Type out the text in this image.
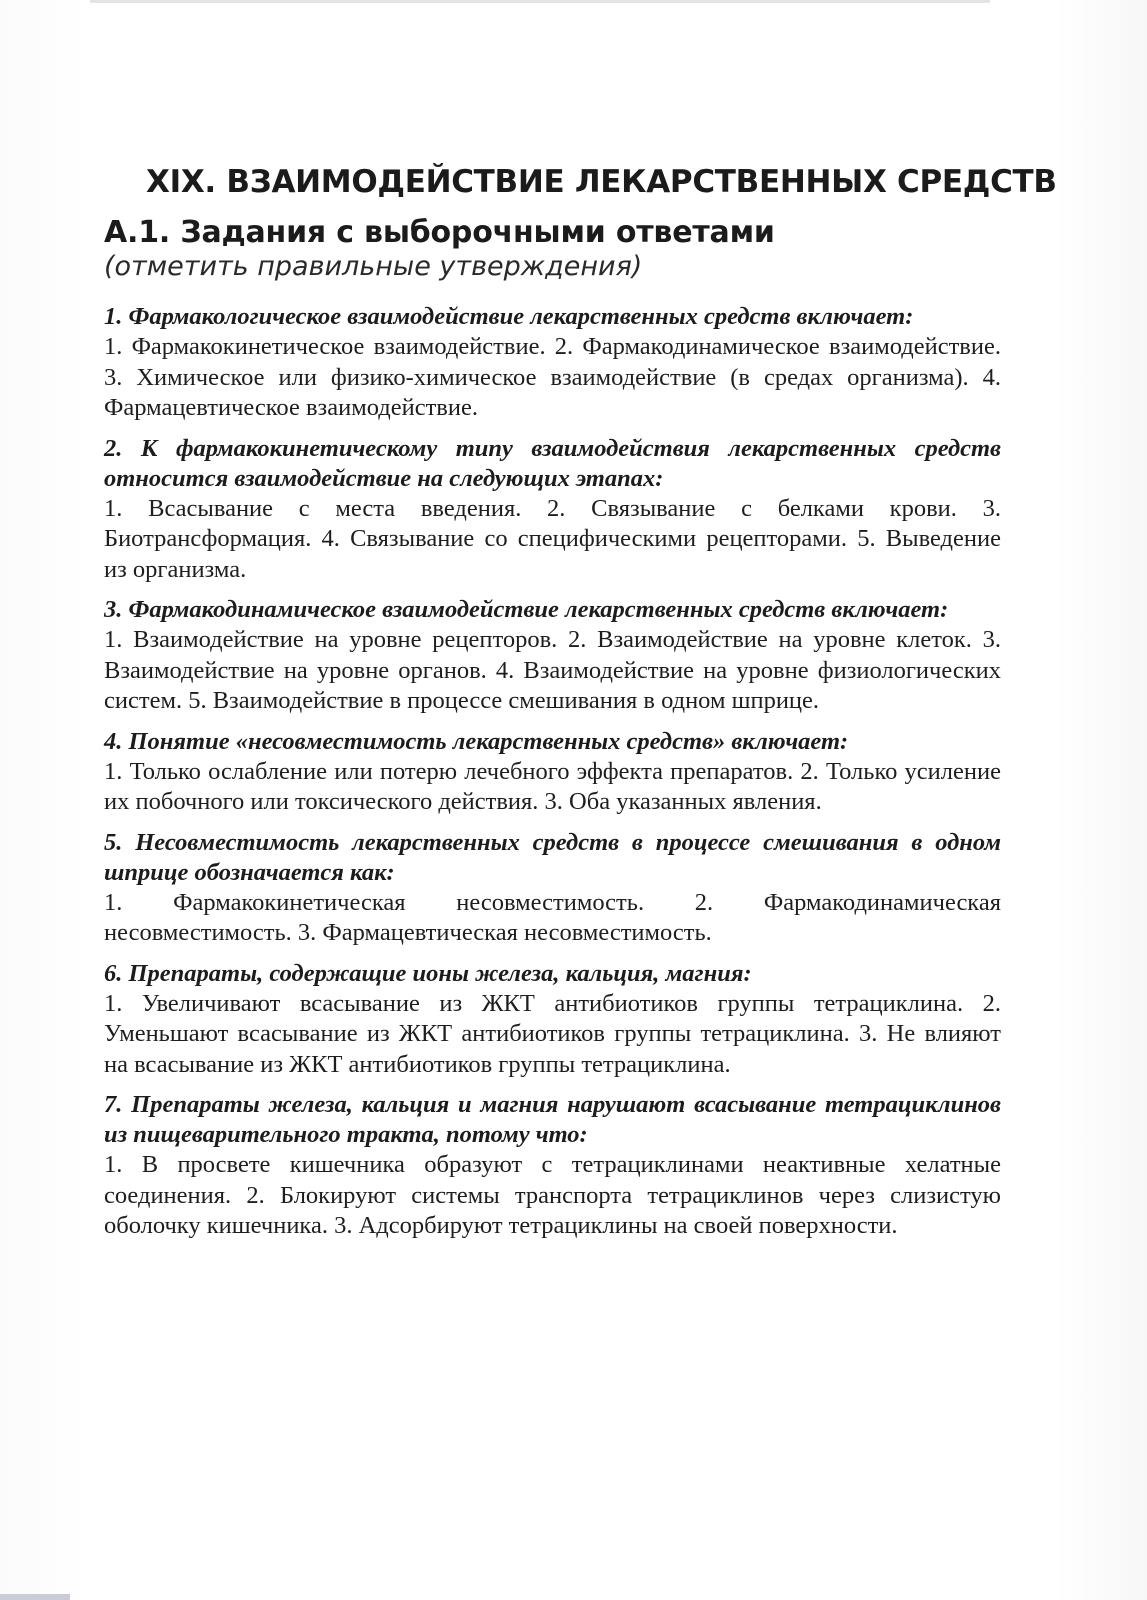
XIX. ВЗАИМОДЕЙСТВИЕ ЛЕКАРСТВЕННЫХ СРЕДСТВ
А.1. Задания с выборочными ответами
(отметить правильные утверждения)
1. Фармакологическое взаимодействие лекарственных средств включает:
1. Фармакокинетическое взаимодействие. 2. Фармакодинамическое взаимодействие. 3. Химическое или физико-химическое взаимодействие (в средах организма). 4. Фармацевтическое взаимодействие.
2. К фармакокинетическому типу взаимодействия лекарственных средств относится взаимодействие на следующих этапах:
1. Всасывание с места введения. 2. Связывание с белками крови. 3. Биотрансформация. 4. Связывание со специфическими рецепторами. 5. Выведение из организма.
3. Фармакодинамическое взаимодействие лекарственных средств включает:
1. Взаимодействие на уровне рецепторов. 2. Взаимодействие на уровне клеток. 3. Взаимодействие на уровне органов. 4. Взаимодействие на уровне физиологических систем. 5. Взаимодействие в процессе смешивания в одном шприце.
4. Понятие «несовместимость лекарственных средств» включает:
1. Только ослабление или потерю лечебного эффекта препаратов. 2. Только усиление их побочного или токсического действия. 3. Оба указанных явления.
5. Несовместимость лекарственных средств в процессе смешивания в одном шприце обозначается как:
1. Фармакокинетическая несовместимость. 2. Фармакодинамическая несовместимость. 3. Фармацевтическая несовместимость.
6. Препараты, содержащие ионы железа, кальция, магния:
1. Увеличивают всасывание из ЖКТ антибиотиков группы тетрациклина. 2. Уменьшают всасывание из ЖКТ антибиотиков группы тетрациклина. 3. Не влияют на всасывание из ЖКТ антибиотиков группы тетрациклина.
7. Препараты железа, кальция и магния нарушают всасывание тетрациклинов из пищеварительного тракта, потому что:
1. В просвете кишечника образуют с тетрациклинами неактивные хелатные соединения. 2. Блокируют системы транспорта тетрациклинов через слизистую оболочку кишечника. 3. Адсорбируют тетрациклины на своей поверхности.
